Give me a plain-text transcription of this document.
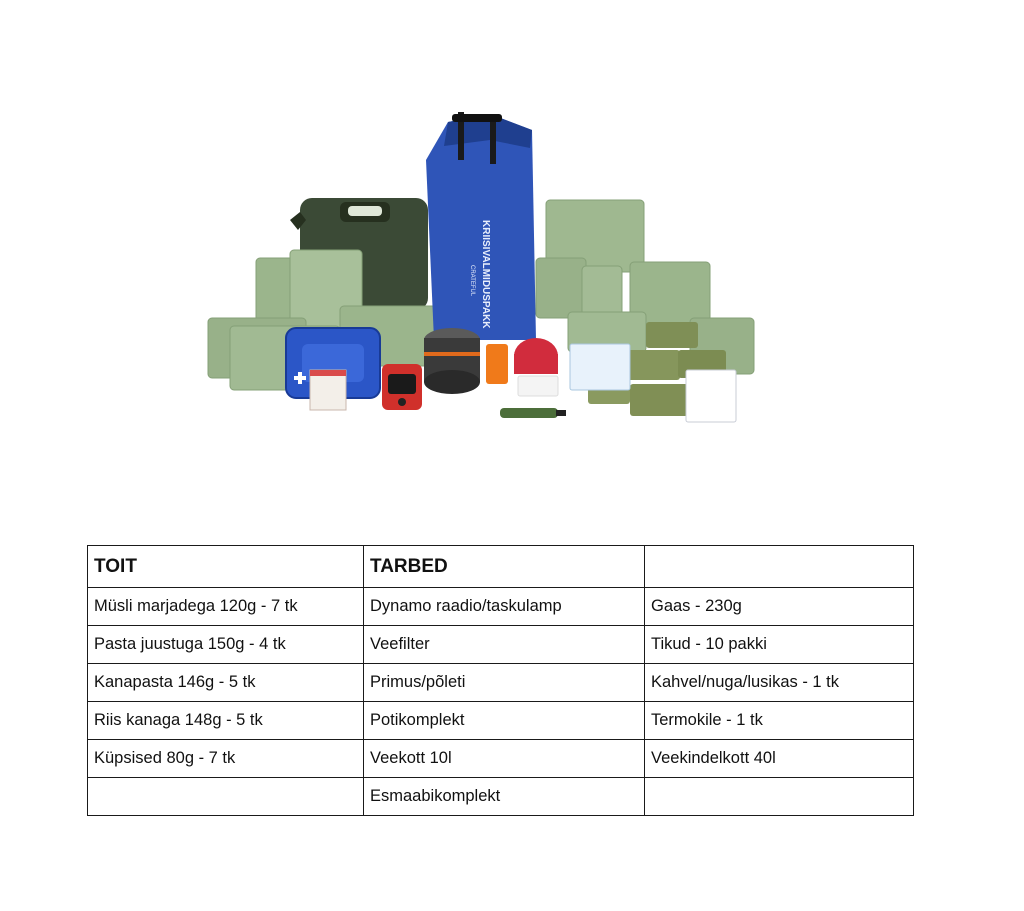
KRIISIVALMIDUSPAKK
CRATEFUL
TOIT	TARBED	
Müsli marjadega 120g - 7 tk	Dynamo raadio/taskulamp	Gaas - 230g
Pasta juustuga 150g - 4 tk	Veefilter	Tikud - 10 pakki
Kanapasta 146g - 5 tk	Primus/põleti	Kahvel/nuga/lusikas - 1 tk
Riis kanaga 148g - 5 tk	Potikomplekt	Termokile - 1 tk
Küpsised 80g - 7 tk	Veekott 10l	Veekindelkott 40l
	Esmaabikomplekt	
